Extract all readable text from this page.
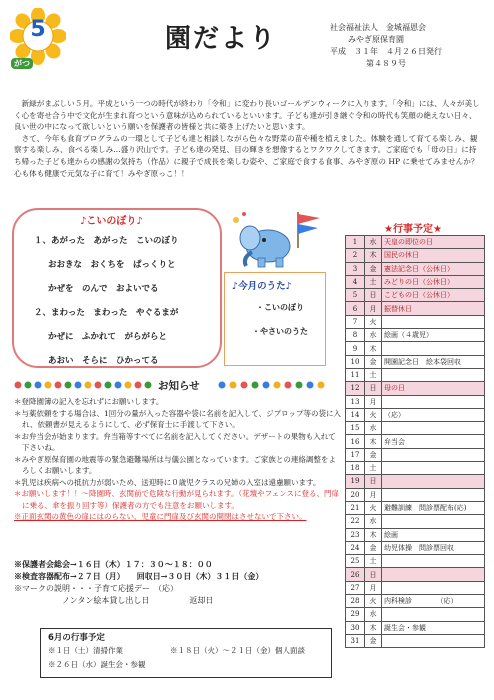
5
がつ
園だより	社会福祉法人　金城福恩会
みやぎ原保育園
平成　３１年　４月２６日発行
第４８９号

新緑がまぶしい５月。平成という一つの時代が終わり「令和」に変わり長いゴールデンウィークに入ります。「令和」には、人々が美しく心を寄せ合う中で文化が生まれ育つという意味が込められているといいます。子ども達が引き継ぐ令和の時代も笑顔の絶えない日々、良い世の中になって欲しいという願いを保護者の皆様と共に築き上げたいと思います。

さて、今年も食育プログラムの一環として子ども達と相談しながら色々な野菜の苗や種を植えました。体験を通して育てる楽しみ、観察する楽しみ、食べる楽しみ…盛り沢山です。子ども達の発見、目の輝きを想像するとワクワクしてきます。ご家庭でも「母の日」に持ち帰った子ども達からの感謝の気持ち（作品）に親子で成長を楽しむ姿や、ご家庭で食する食事、みやぎ原の HP に乗せてみませんか？心も体も健康で元気な子に育て！みやぎ原っこ！！

♪こいのぼり♪
１、あがった　あがった　こいのぼり
おおきな　おくちを　ぱっくりと
かぜを　のんで　およいでる
２、まわった　まわった　やぐるまが
かぜに　ふかれて　がらがらと
あおい　そらに　ひかってる
♪今月のうた♪
・こいのぼり
・やさいのうた
★行事予定★
1	水	天皇の即位の日
2	木	国民の休日
3	金	憲法記念日（公休日）
4	土	みどりの日（公休日）
5	日	こどもの日（公休日）
6	月	振替休日
7	火	
8	水	絵画（４歳児）
9	木	
10	金	開園記念日　絵本袋回収
11	土	
12	日	母の日
13	月	
14	火	（応）
15	水	
16	木	弁当会
17	金	
18	土	
19	日	
20	月	
21	火	避難訓練　問診票配布(応)
22	水	
23	木	絵画
24	金	幼児体操　問診票回収
25	土	
26	日	
27	月	
28	火	内科検診　　　　（応）
29	水	
30	木	誕生会・参観
31	金	
お知らせ
＊登降園簿の記入を忘れずにお願いします。
＊与薬依頼をする場合は、1回分の量が入った容器や袋に名前を記入して、ジプロップ等の袋に入れ、依頼書が見えるようにして、必ず保育士に手渡して下さい。
＊お弁当会が始まります。弁当箱等すべてに名前を記入してください。デザートの果物も入れて下さいね。
＊みやぎ原保育園の地震等の緊急避難場所は与儀公園となっています。ご家族との連絡調整をよろしくお願いします。
＊乳児は疾病への抵抗力が弱いため、送迎時に０歳児クラスの兄姉の入室は遠慮願います。
＊お願いします！！～降園時、玄関前で危険な行動が見られます。（花壇やフェンスに登る、門扉に乗る、傘を振り回す等）保護者の方でも注意をお願いします。
※正面玄関の黄色の扉にはのらない、児童に門扉及び玄関の開閉はさせないで下さい。
※保護者会総会→１６日（木）１７：３０～１８：００
※検査容器配布→２７日（月）　　回収日→３０日（木）３１日（金）
※マークの説明・・・子育て応援デー　（応）
　　　　　　ノンタン絵本貸し出し日　　　　　返却日
6月の行事予定
※１日（土）清掃作業	※１８日（火）～２１日（金）個人面談
※２６日（水）誕生会・参観
